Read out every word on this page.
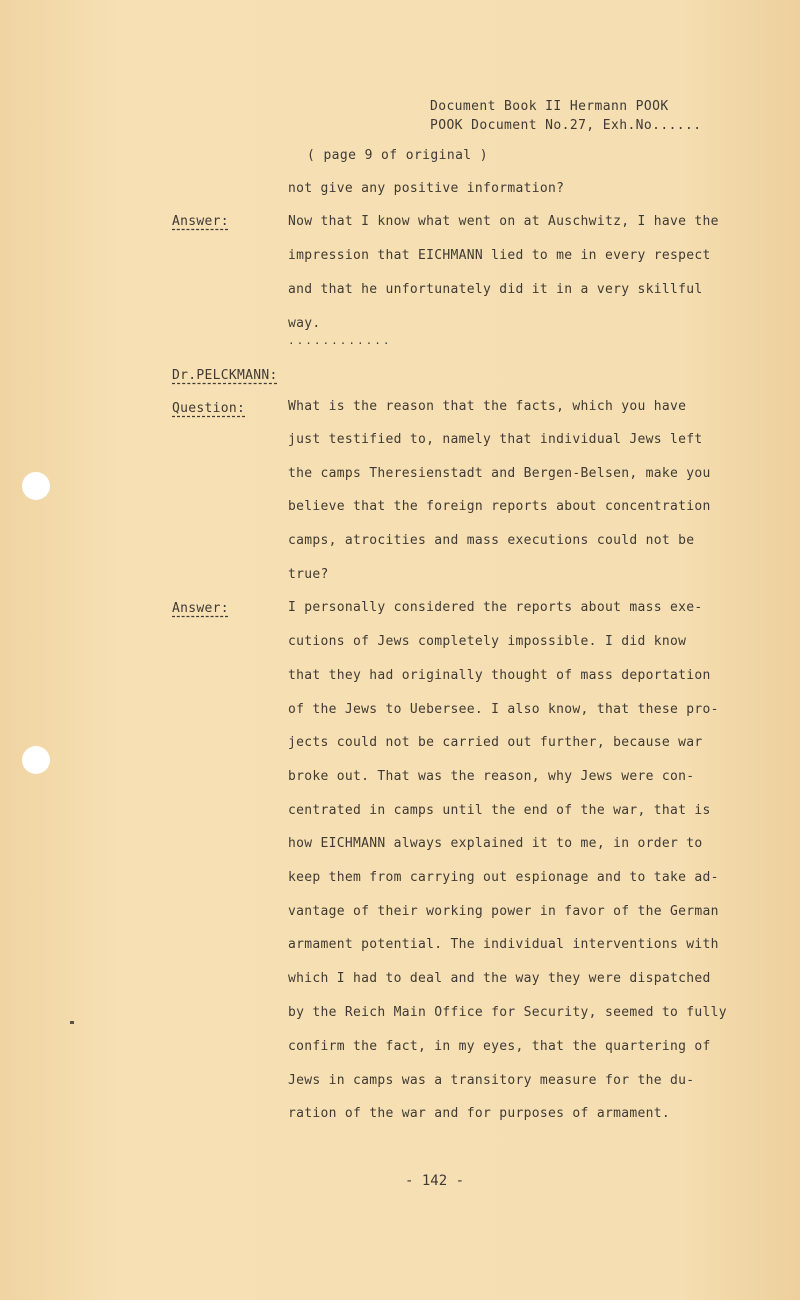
Document Book II Hermann POOK
POOK Document No.27, Exh.No......
( page 9 of original )
not give any positive information?
Answer:	Now that I know what went on at Auschwitz, I have the
impression that EICHMANN lied to me in every respect
and that he unfortunately did it in a very skillful
way.
............
Dr.PELCKMANN:
Question:	What is the reason that the facts, which you have
just testified to, namely that individual Jews left
the camps Theresienstadt and Bergen-Belsen, make you
believe that the foreign reports about concentration
camps, atrocities and mass executions could not be
true?
Answer:	I personally considered the reports about mass exe-
cutions of Jews completely impossible. I did know
that they had originally thought of mass deportation
of the Jews to Uebersee. I also know, that these pro-
jects could not be carried out further, because war
broke out. That was the reason, why Jews were con-
centrated in camps until the end of the war, that is
how EICHMANN always explained it to me, in order to
keep them from carrying out espionage and to take ad-
vantage of their working power in favor of the German
armament potential. The individual interventions with
which I had to deal and the way they were dispatched
by the Reich Main Office for Security, seemed to fully
confirm the fact, in my eyes, that the quartering of
Jews in camps was a transitory measure for the du-
ration of the war and for purposes of armament.
- 142 -
